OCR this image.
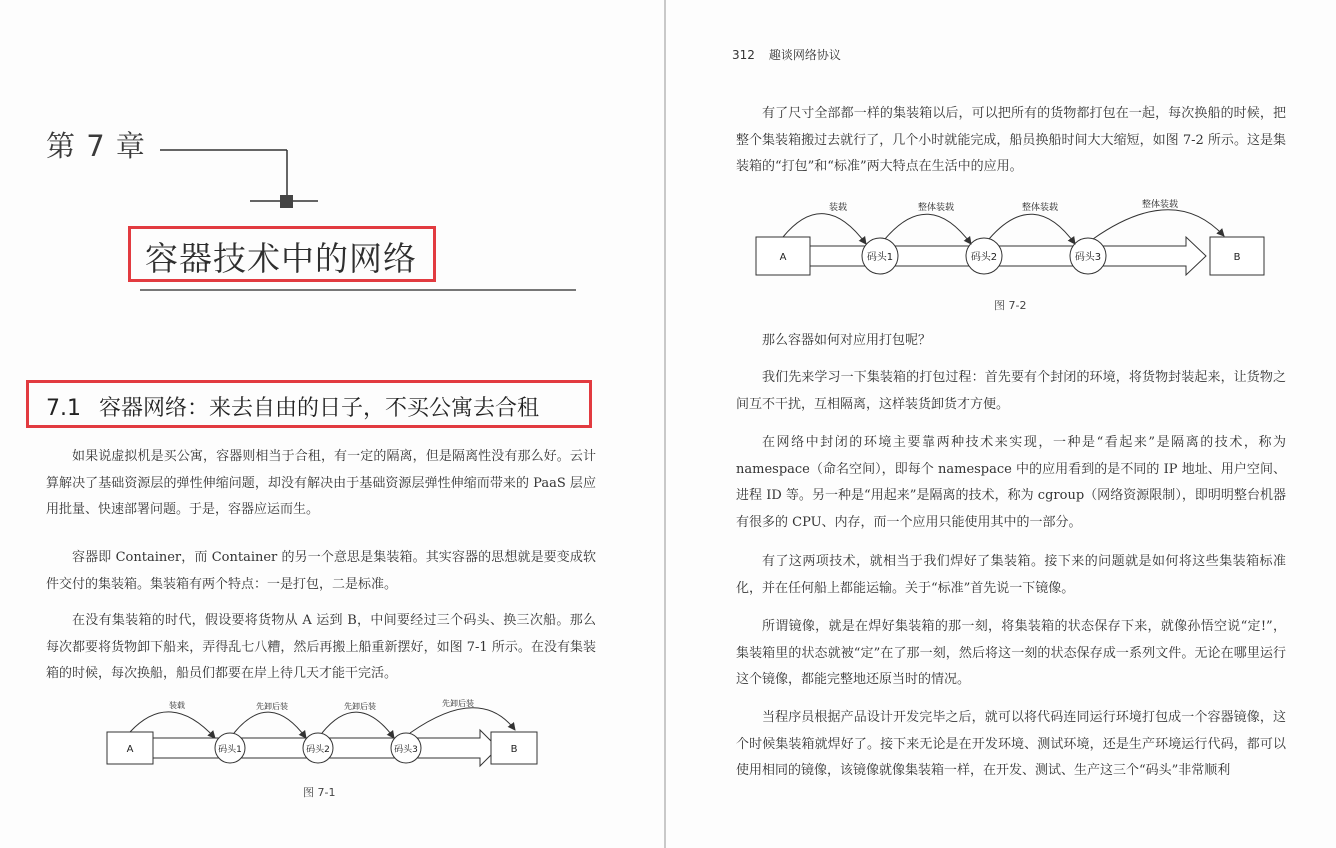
第 7 章
容器技术中的网络
7.1 容器网络：来去自由的日子，不买公寓去合租

如果说虚拟机是买公寓，容器则相当于合租，有一定的隔离，但是隔离性没有那么好。云计算解决了基础资源层的弹性伸缩问题，却没有解决由于基础资源层弹性伸缩而带来的 PaaS 层应用批量、快速部署问题。于是，容器应运而生。

容器即 Container，而 Container 的另一个意思是集装箱。其实容器的思想就是要变成软件交付的集装箱。集装箱有两个特点：一是打包，二是标准。

在没有集装箱的时代，假设要将货物从 A 运到 B，中间要经过三个码头、换三次船。那么每次都要将货物卸下船来，弄得乱七八糟，然后再搬上船重新摆好，如图 7-1 所示。在没有集装箱的时候，每次换船，船员们都要在岸上待几天才能干完活。

A	B
码头1	码头2	码头3
装载	先卸后装	先卸后装	先卸后装
图 7-1
312 趣谈网络协议

有了尺寸全部都一样的集装箱以后，可以把所有的货物都打包在一起，每次换船的时候，把整个集装箱搬过去就行了，几个小时就能完成，船员换船时间大大缩短，如图 7-2 所示。这是集装箱的“打包”和“标准”两大特点在生活中的应用。

A	B
码头1	码头2	码头3
装载	整体装载	整体装载	整体装载
图 7-2

那么容器如何对应用打包呢？

我们先来学习一下集装箱的打包过程：首先要有个封闭的环境，将货物封装起来，让货物之间互不干扰，互相隔离，这样装货卸货才方便。

在网络中封闭的环境主要靠两种技术来实现，一种是“看起来”是隔离的技术，称为 namespace（命名空间），即每个 namespace 中的应用看到的是不同的 IP 地址、用户空间、进程 ID 等。另一种是“用起来”是隔离的技术，称为 cgroup（网络资源限制），即明明整台机器有很多的 CPU、内存，而一个应用只能使用其中的一部分。

有了这两项技术，就相当于我们焊好了集装箱。接下来的问题就是如何将这些集装箱标准化，并在任何船上都能运输。关于“标准”首先说一下镜像。

所谓镜像，就是在焊好集装箱的那一刻，将集装箱的状态保存下来，就像孙悟空说“定!”，集装箱里的状态就被“定”在了那一刻，然后将这一刻的状态保存成一系列文件。无论在哪里运行这个镜像，都能完整地还原当时的情况。

当程序员根据产品设计开发完毕之后，就可以将代码连同运行环境打包成一个容器镜像，这个时候集装箱就焊好了。接下来无论是在开发环境、测试环境，还是生产环境运行代码，都可以使用相同的镜像，该镜像就像集装箱一样，在开发、测试、生产这三个“码头”非常顺利
